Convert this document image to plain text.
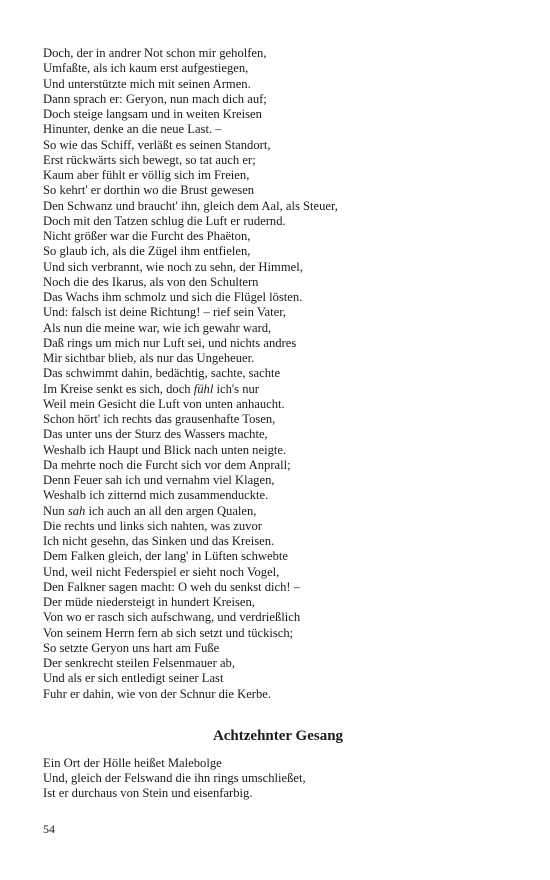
Doch, der in andrer Not schon mir geholfen,
Umfaßte, als ich kaum erst aufgestiegen,
Und unterstützte mich mit seinen Armen.
Dann sprach er: Geryon, nun mach dich auf;
Doch steige langsam und in weiten Kreisen
Hinunter, denke an die neue Last. –
So wie das Schiff, verläßt es seinen Standort,
Erst rückwärts sich bewegt, so tat auch er;
Kaum aber fühlt er völlig sich im Freien,
So kehrt' er dorthin wo die Brust gewesen
Den Schwanz und braucht' ihn, gleich dem Aal, als Steuer,
Doch mit den Tatzen schlug die Luft er rudernd.
Nicht größer war die Furcht des Phaëton,
So glaub ich, als die Zügel ihm entfielen,
Und sich verbrannt, wie noch zu sehn, der Himmel,
Noch die des Ikarus, als von den Schultern
Das Wachs ihm schmolz und sich die Flügel lösten.
Und: falsch ist deine Richtung! – rief sein Vater,
Als nun die meine war, wie ich gewahr ward,
Daß rings um mich nur Luft sei, und nichts andres
Mir sichtbar blieb, als nur das Ungeheuer.
Das schwimmt dahin, bedächtig, sachte, sachte
Im Kreise senkt es sich, doch fühl ich's nur
Weil mein Gesicht die Luft von unten anhaucht.
Schon hört' ich rechts das grausenhafte Tosen,
Das unter uns der Sturz des Wassers machte,
Weshalb ich Haupt und Blick nach unten neigte.
Da mehrte noch die Furcht sich vor dem Anprall;
Denn Feuer sah ich und vernahm viel Klagen,
Weshalb ich zitternd mich zusammenduckte.
Nun sah ich auch an all den argen Qualen,
Die rechts und links sich nahten, was zuvor
Ich nicht gesehn, das Sinken und das Kreisen.
Dem Falken gleich, der lang' in Lüften schwebte
Und, weil nicht Federspiel er sieht noch Vogel,
Den Falkner sagen macht: O weh du senkst dich! –
Der müde niedersteigt in hundert Kreisen,
Von wo er rasch sich aufschwang, und verdrießlich
Von seinem Herrn fern ab sich setzt und tückisch;
So setzte Geryon uns hart am Fuße
Der senkrecht steilen Felsenmauer ab,
Und als er sich entledigt seiner Last
Fuhr er dahin, wie von der Schnur die Kerbe.
Achtzehnter Gesang
Ein Ort der Hölle heißet Malebolge
Und, gleich der Felswand die ihn rings umschließet,
Ist er durchaus von Stein und eisenfarbig.
54
